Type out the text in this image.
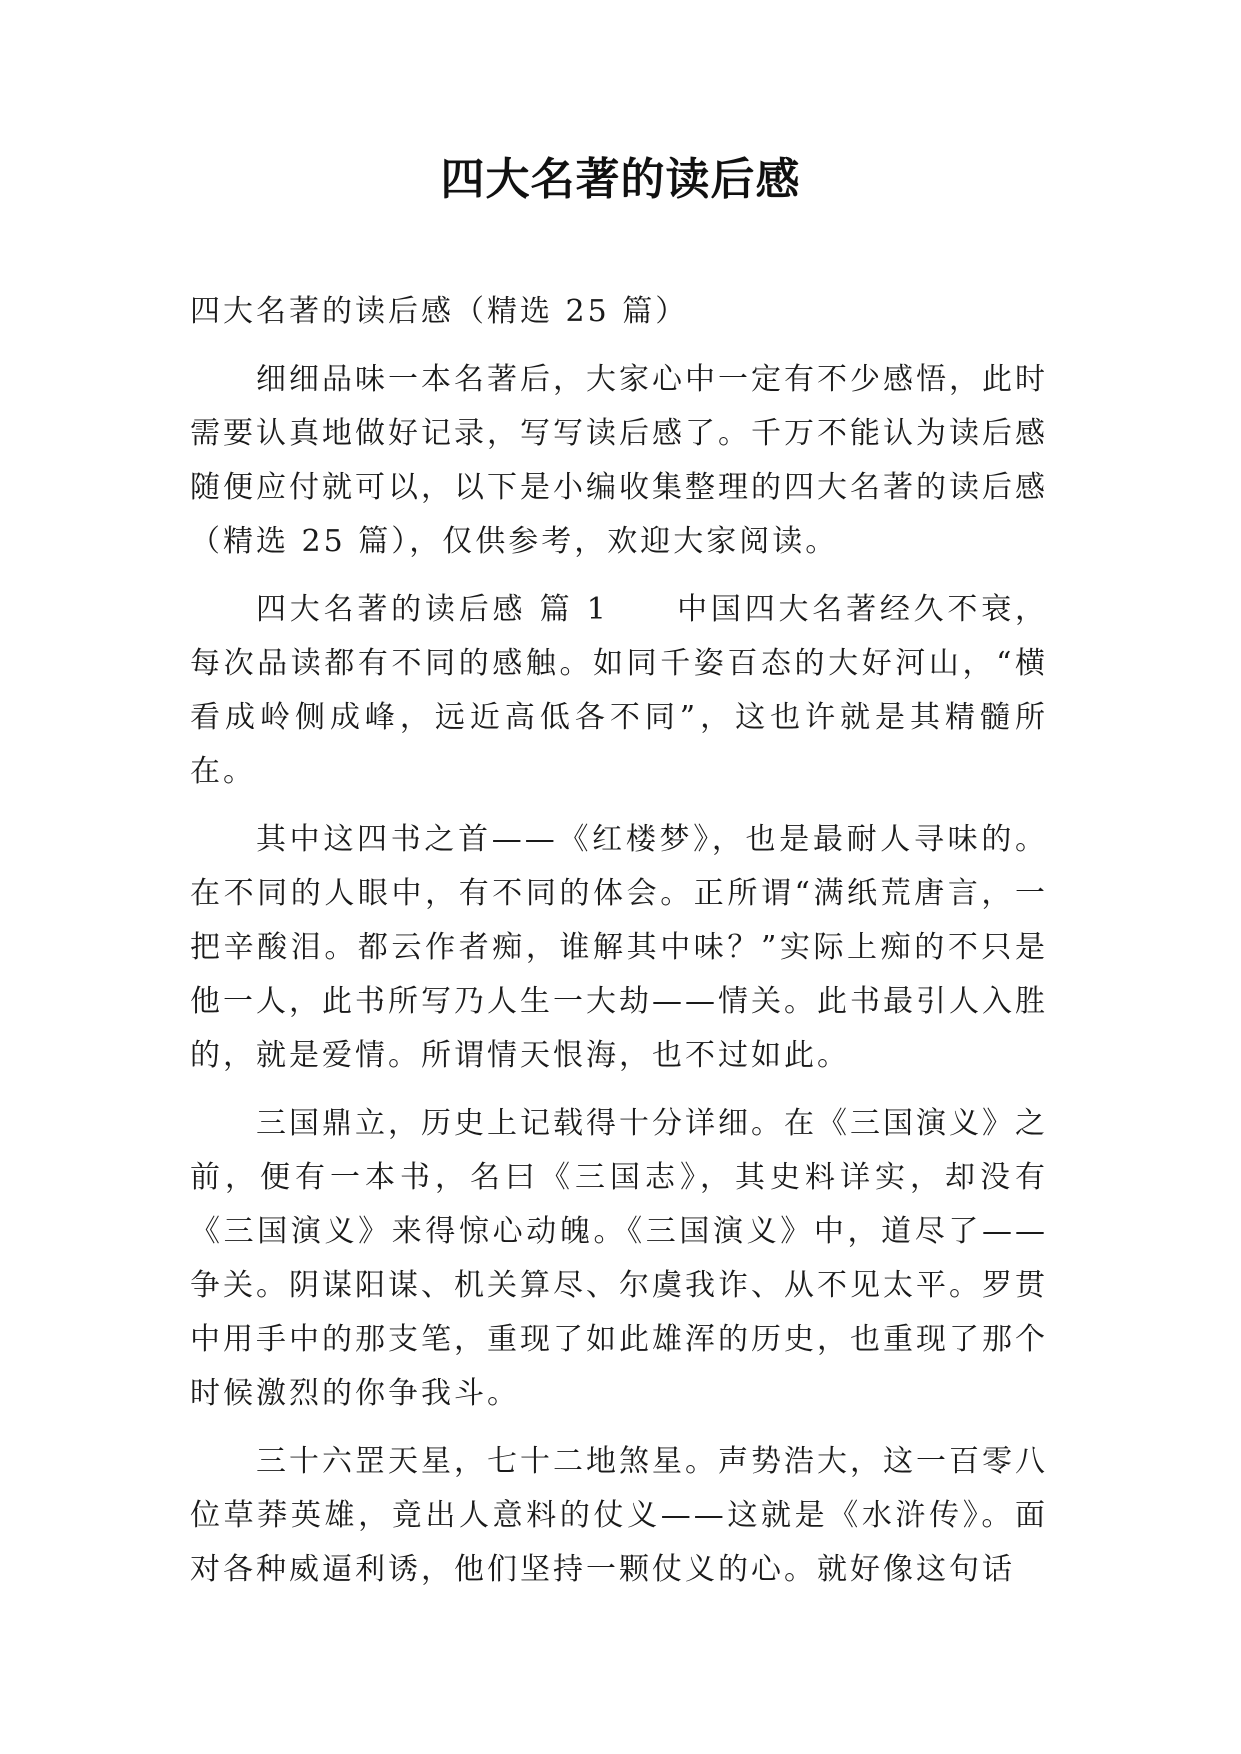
四大名著的读后感

四大名著的读后感（精选 25 篇）

细细品味一本名著后，大家心中一定有不少感悟，此时需要认真地做好记录，写写读后感了。千万不能认为读后感随便应付就可以，以下是小编收集整理的四大名著的读后感（精选 25 篇），仅供参考，欢迎大家阅读。

四大名著的读后感 篇 1　　中国四大名著经久不衰，每次品读都有不同的感触。如同千姿百态的大好河山，“横看成岭侧成峰，远近高低各不同”，这也许就是其精髓所在。

其中这四书之首——《红楼梦》，也是最耐人寻味的。在不同的人眼中，有不同的体会。正所谓“满纸荒唐言，一把辛酸泪。都云作者痴，谁解其中味？”实际上痴的不只是他一人，此书所写乃人生一大劫——情关。此书最引人入胜的，就是爱情。所谓情天恨海，也不过如此。

三国鼎立，历史上记载得十分详细。在《三国演义》之前，便有一本书，名曰《三国志》，其史料详实，却没有《三国演义》来得惊心动魄。《三国演义》中，道尽了——争关。阴谋阳谋、机关算尽、尔虞我诈、从不见太平。罗贯中用手中的那支笔，重现了如此雄浑的历史，也重现了那个时候激烈的你争我斗。

三十六罡天星，七十二地煞星。声势浩大，这一百零八位草莽英雄，竟出人意料的仗义——这就是《水浒传》。面对各种威逼利诱，他们坚持一颗仗义的心。就好像这句话
